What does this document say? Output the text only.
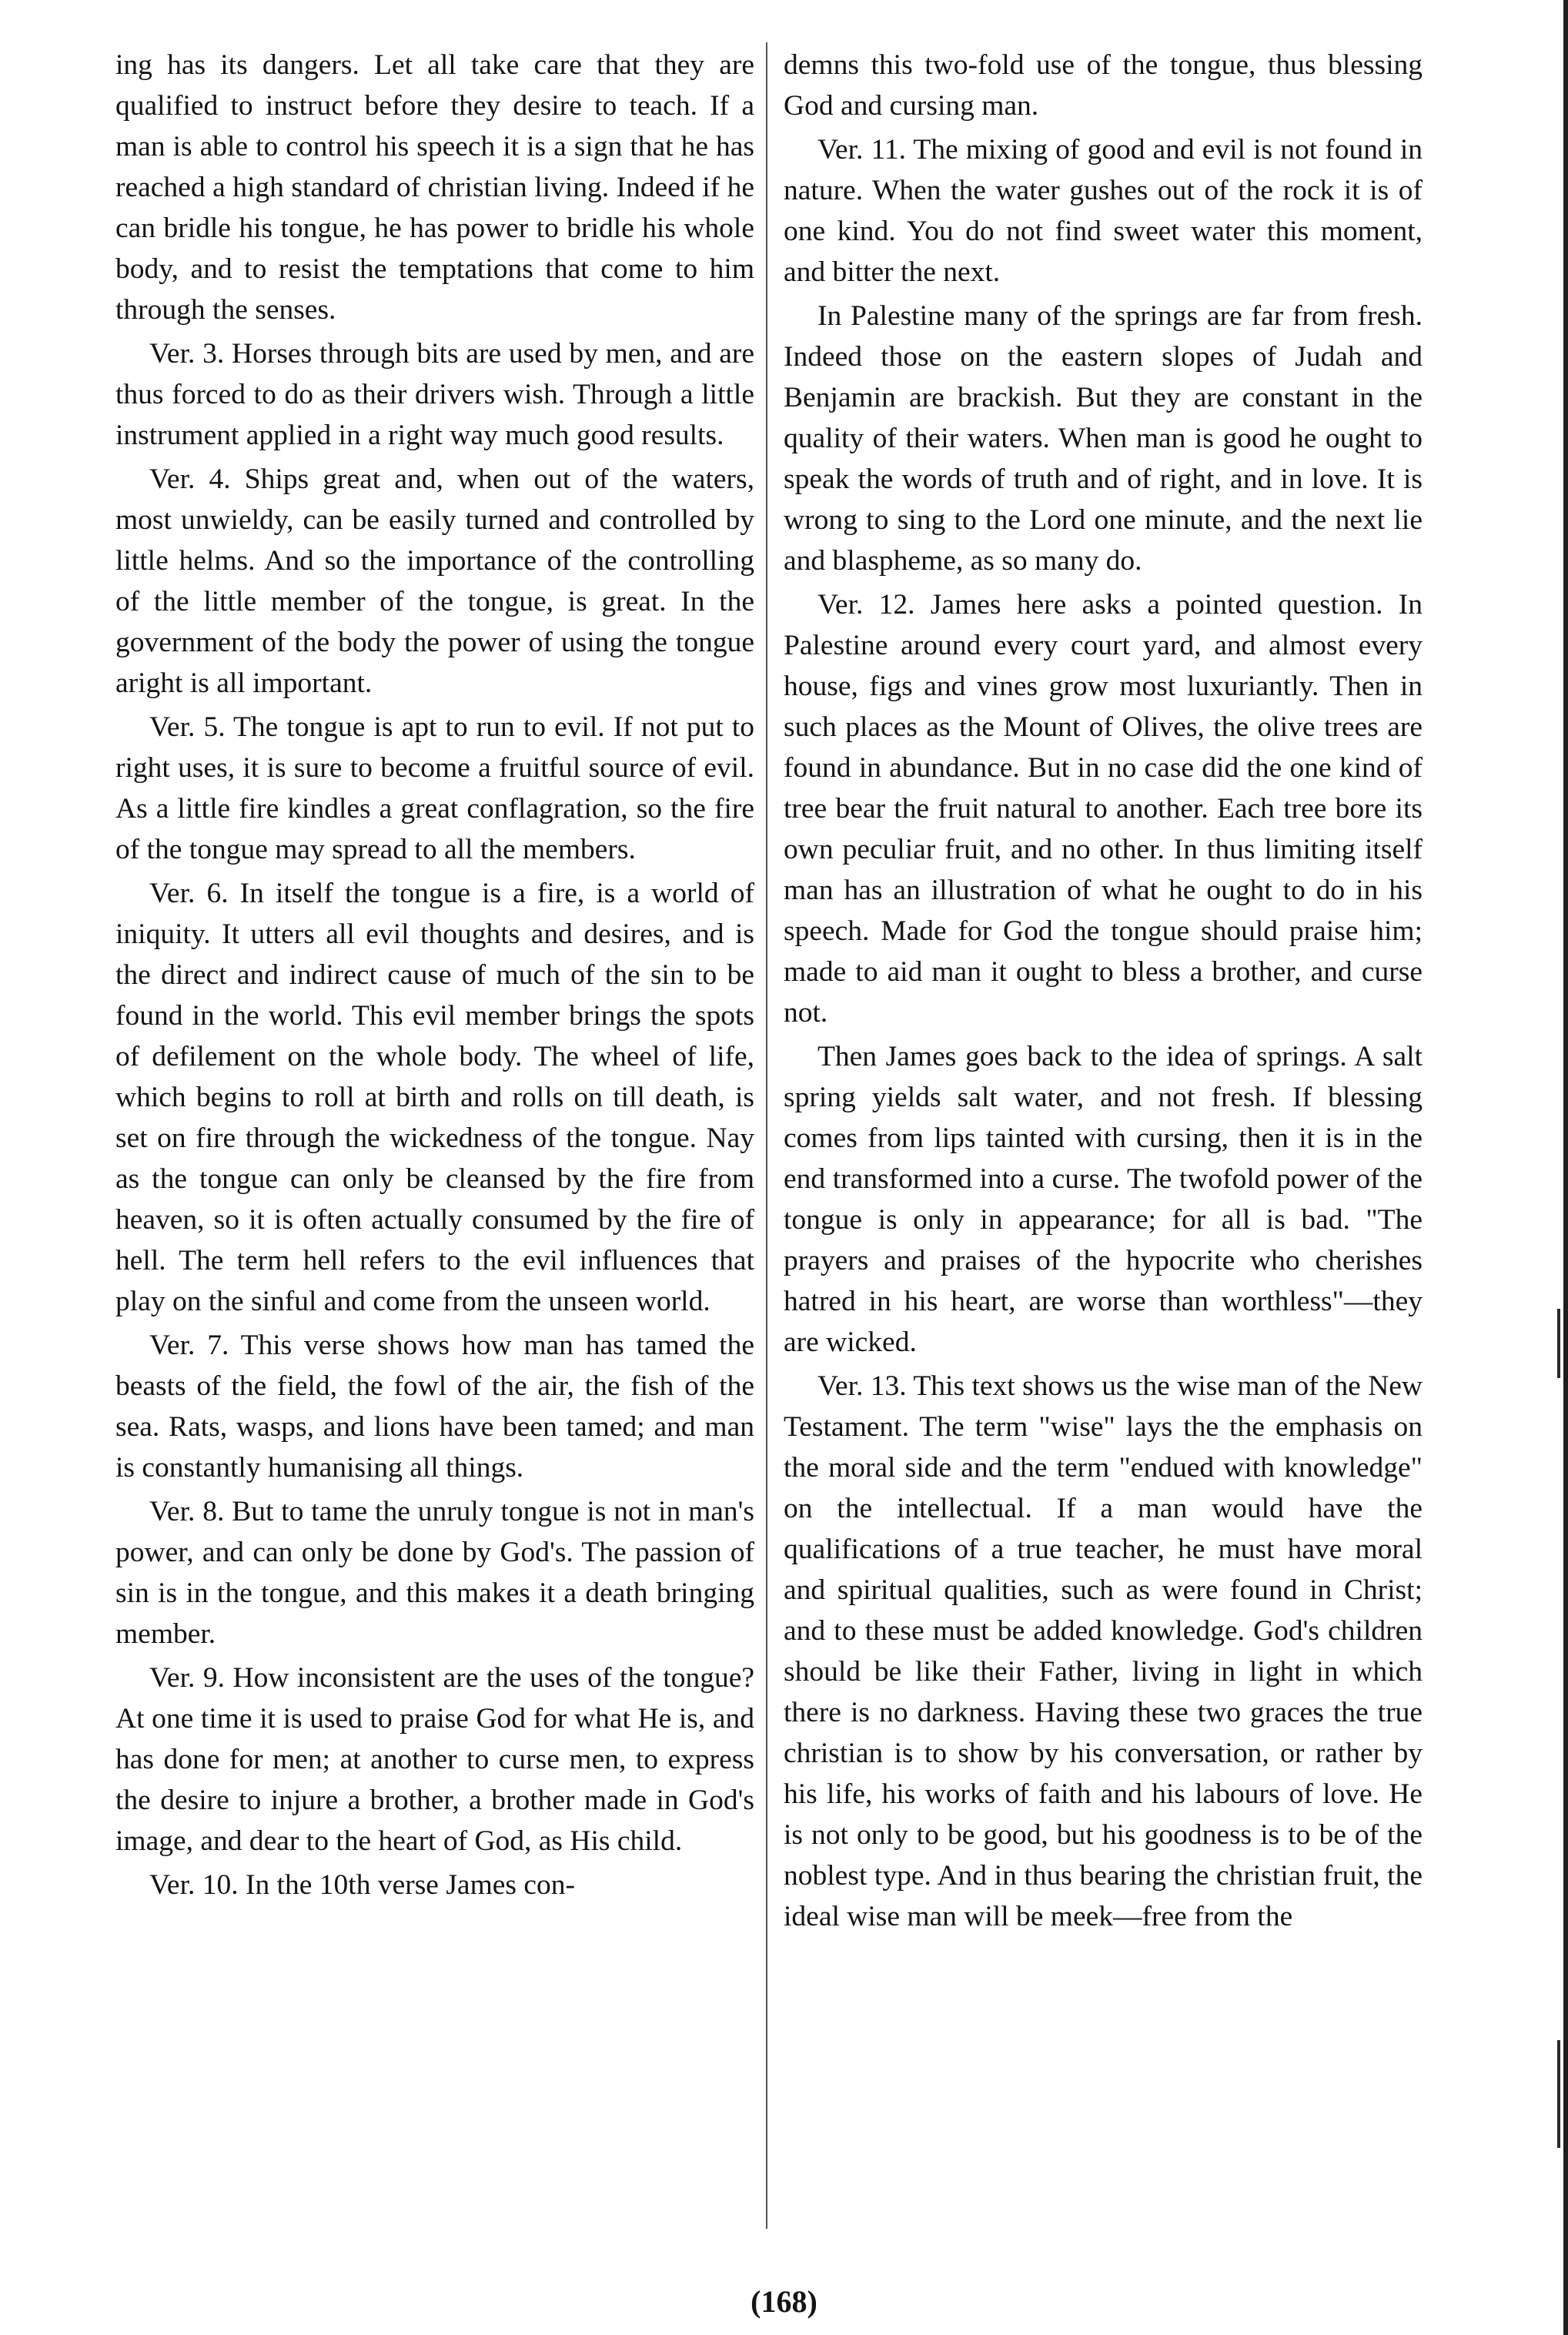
ing has its dangers. Let all take care that they are qualified to instruct before they desire to teach. If a man is able to control his speech it is a sign that he has reached a high standard of christian living. Indeed if he can bridle his tongue, he has power to bridle his whole body, and to resist the temptations that come to him through the senses.

Ver. 3. Horses through bits are used by men, and are thus forced to do as their drivers wish. Through a little instrument applied in a right way much good results.

Ver. 4. Ships great and, when out of the waters, most unwieldy, can be easily turned and controlled by little helms. And so the importance of the controlling of the little member of the tongue, is great. In the government of the body the power of using the tongue aright is all important.

Ver. 5. The tongue is apt to run to evil. If not put to right uses, it is sure to become a fruitful source of evil. As a little fire kindles a great conflagration, so the fire of the tongue may spread to all the members.

Ver. 6. In itself the tongue is a fire, is a world of iniquity. It utters all evil thoughts and desires, and is the direct and indirect cause of much of the sin to be found in the world. This evil member brings the spots of defilement on the whole body. The wheel of life, which begins to roll at birth and rolls on till death, is set on fire through the wickedness of the tongue. Nay as the tongue can only be cleansed by the fire from heaven, so it is often actually consumed by the fire of hell. The term hell refers to the evil influences that play on the sinful and come from the unseen world.

Ver. 7. This verse shows how man has tamed the beasts of the field, the fowl of the air, the fish of the sea. Rats, wasps, and lions have been tamed; and man is constantly humanising all things.

Ver. 8. But to tame the unruly tongue is not in man's power, and can only be done by God's. The passion of sin is in the tongue, and this makes it a death bringing member.

Ver. 9. How inconsistent are the uses of the tongue? At one time it is used to praise God for what He is, and has done for men; at another to curse men, to express the desire to injure a brother, a brother made in God's image, and dear to the heart of God, as His child.

Ver. 10. In the 10th verse James con-

demns this two-fold use of the tongue, thus blessing God and cursing man.

Ver. 11. The mixing of good and evil is not found in nature. When the water gushes out of the rock it is of one kind. You do not find sweet water this moment, and bitter the next.

In Palestine many of the springs are far from fresh. Indeed those on the eastern slopes of Judah and Benjamin are brackish. But they are constant in the quality of their waters. When man is good he ought to speak the words of truth and of right, and in love. It is wrong to sing to the Lord one minute, and the next lie and blaspheme, as so many do.

Ver. 12. James here asks a pointed question. In Palestine around every court yard, and almost every house, figs and vines grow most luxuriantly. Then in such places as the Mount of Olives, the olive trees are found in abundance. But in no case did the one kind of tree bear the fruit natural to another. Each tree bore its own peculiar fruit, and no other. In thus limiting itself man has an illustration of what he ought to do in his speech. Made for God the tongue should praise him; made to aid man it ought to bless a brother, and curse not.

Then James goes back to the idea of springs. A salt spring yields salt water, and not fresh. If blessing comes from lips tainted with cursing, then it is in the end transformed into a curse. The twofold power of the tongue is only in appearance; for all is bad. "The prayers and praises of the hypocrite who cherishes hatred in his heart, are worse than worthless"—they are wicked.

Ver. 13. This text shows us the wise man of the New Testament. The term "wise" lays the the emphasis on the moral side and the term "endued with knowledge" on the intellectual. If a man would have the qualifications of a true teacher, he must have moral and spiritual qualities, such as were found in Christ; and to these must be added knowledge. God's children should be like their Father, living in light in which there is no darkness. Having these two graces the true christian is to show by his conversation, or rather by his life, his works of faith and his labours of love. He is not only to be good, but his goodness is to be of the noblest type. And in thus bearing the christian fruit, the ideal wise man will be meek—free from the

(168)
